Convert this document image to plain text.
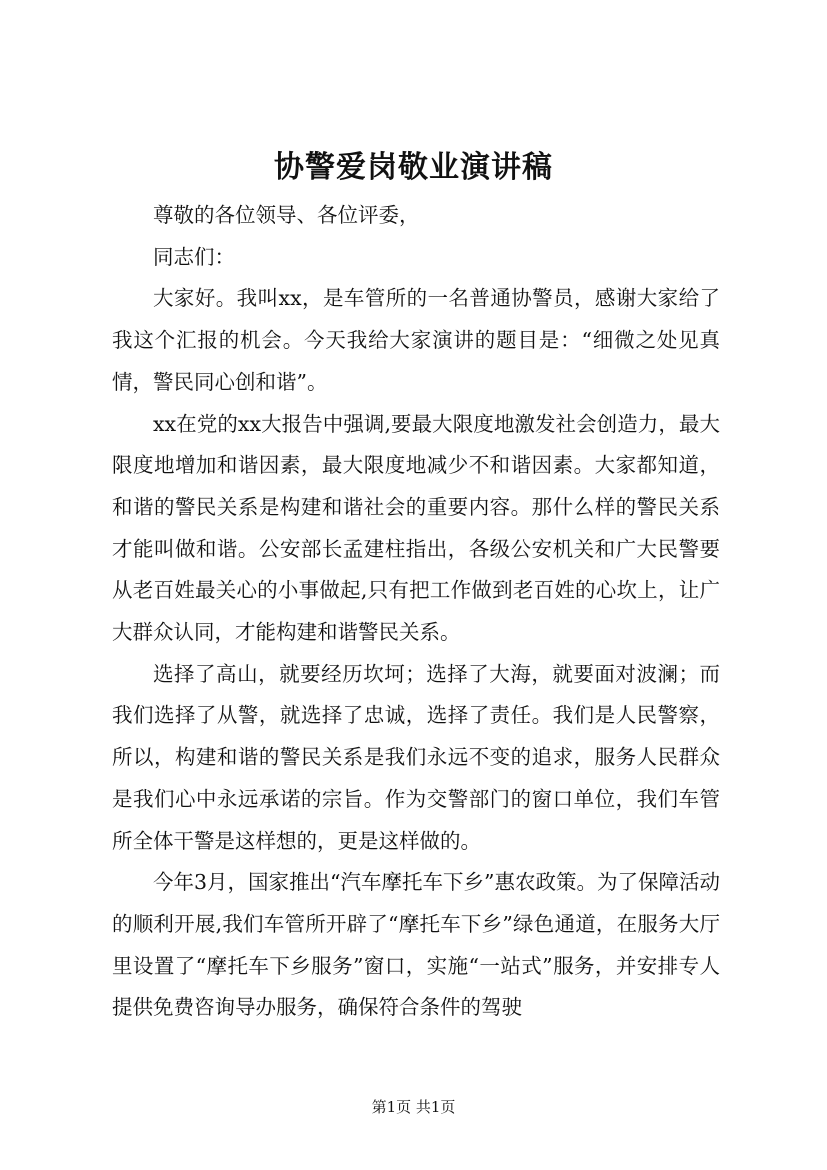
协警爱岗敬业演讲稿

尊敬的各位领导、各位评委，

同志们：

大家好。我叫xx，是车管所的一名普通协警员，感谢大家给了我这个汇报的机会。今天我给大家演讲的题目是：“细微之处见真情，警民同心创和谐”。

xx在党的xx大报告中强调,要最大限度地激发社会创造力，最大限度地增加和谐因素，最大限度地减少不和谐因素。大家都知道，和谐的警民关系是构建和谐社会的重要内容。那什么样的警民关系才能叫做和谐。公安部长孟建柱指出，各级公安机关和广大民警要从老百姓最关心的小事做起,只有把工作做到老百姓的心坎上，让广大群众认同，才能构建和谐警民关系。

选择了高山，就要经历坎坷；选择了大海，就要面对波澜；而我们选择了从警，就选择了忠诚，选择了责任。我们是人民警察，所以，构建和谐的警民关系是我们永远不变的追求，服务人民群众是我们心中永远承诺的宗旨。作为交警部门的窗口单位，我们车管所全体干警是这样想的，更是这样做的。

今年3月，国家推出“汽车摩托车下乡”惠农政策。为了保障活动的顺利开展,我们车管所开辟了“摩托车下乡”绿色通道，在服务大厅里设置了“摩托车下乡服务”窗口，实施“一站式”服务，并安排专人提供免费咨询导办服务，确保符合条件的驾驶

第1页 共1页
